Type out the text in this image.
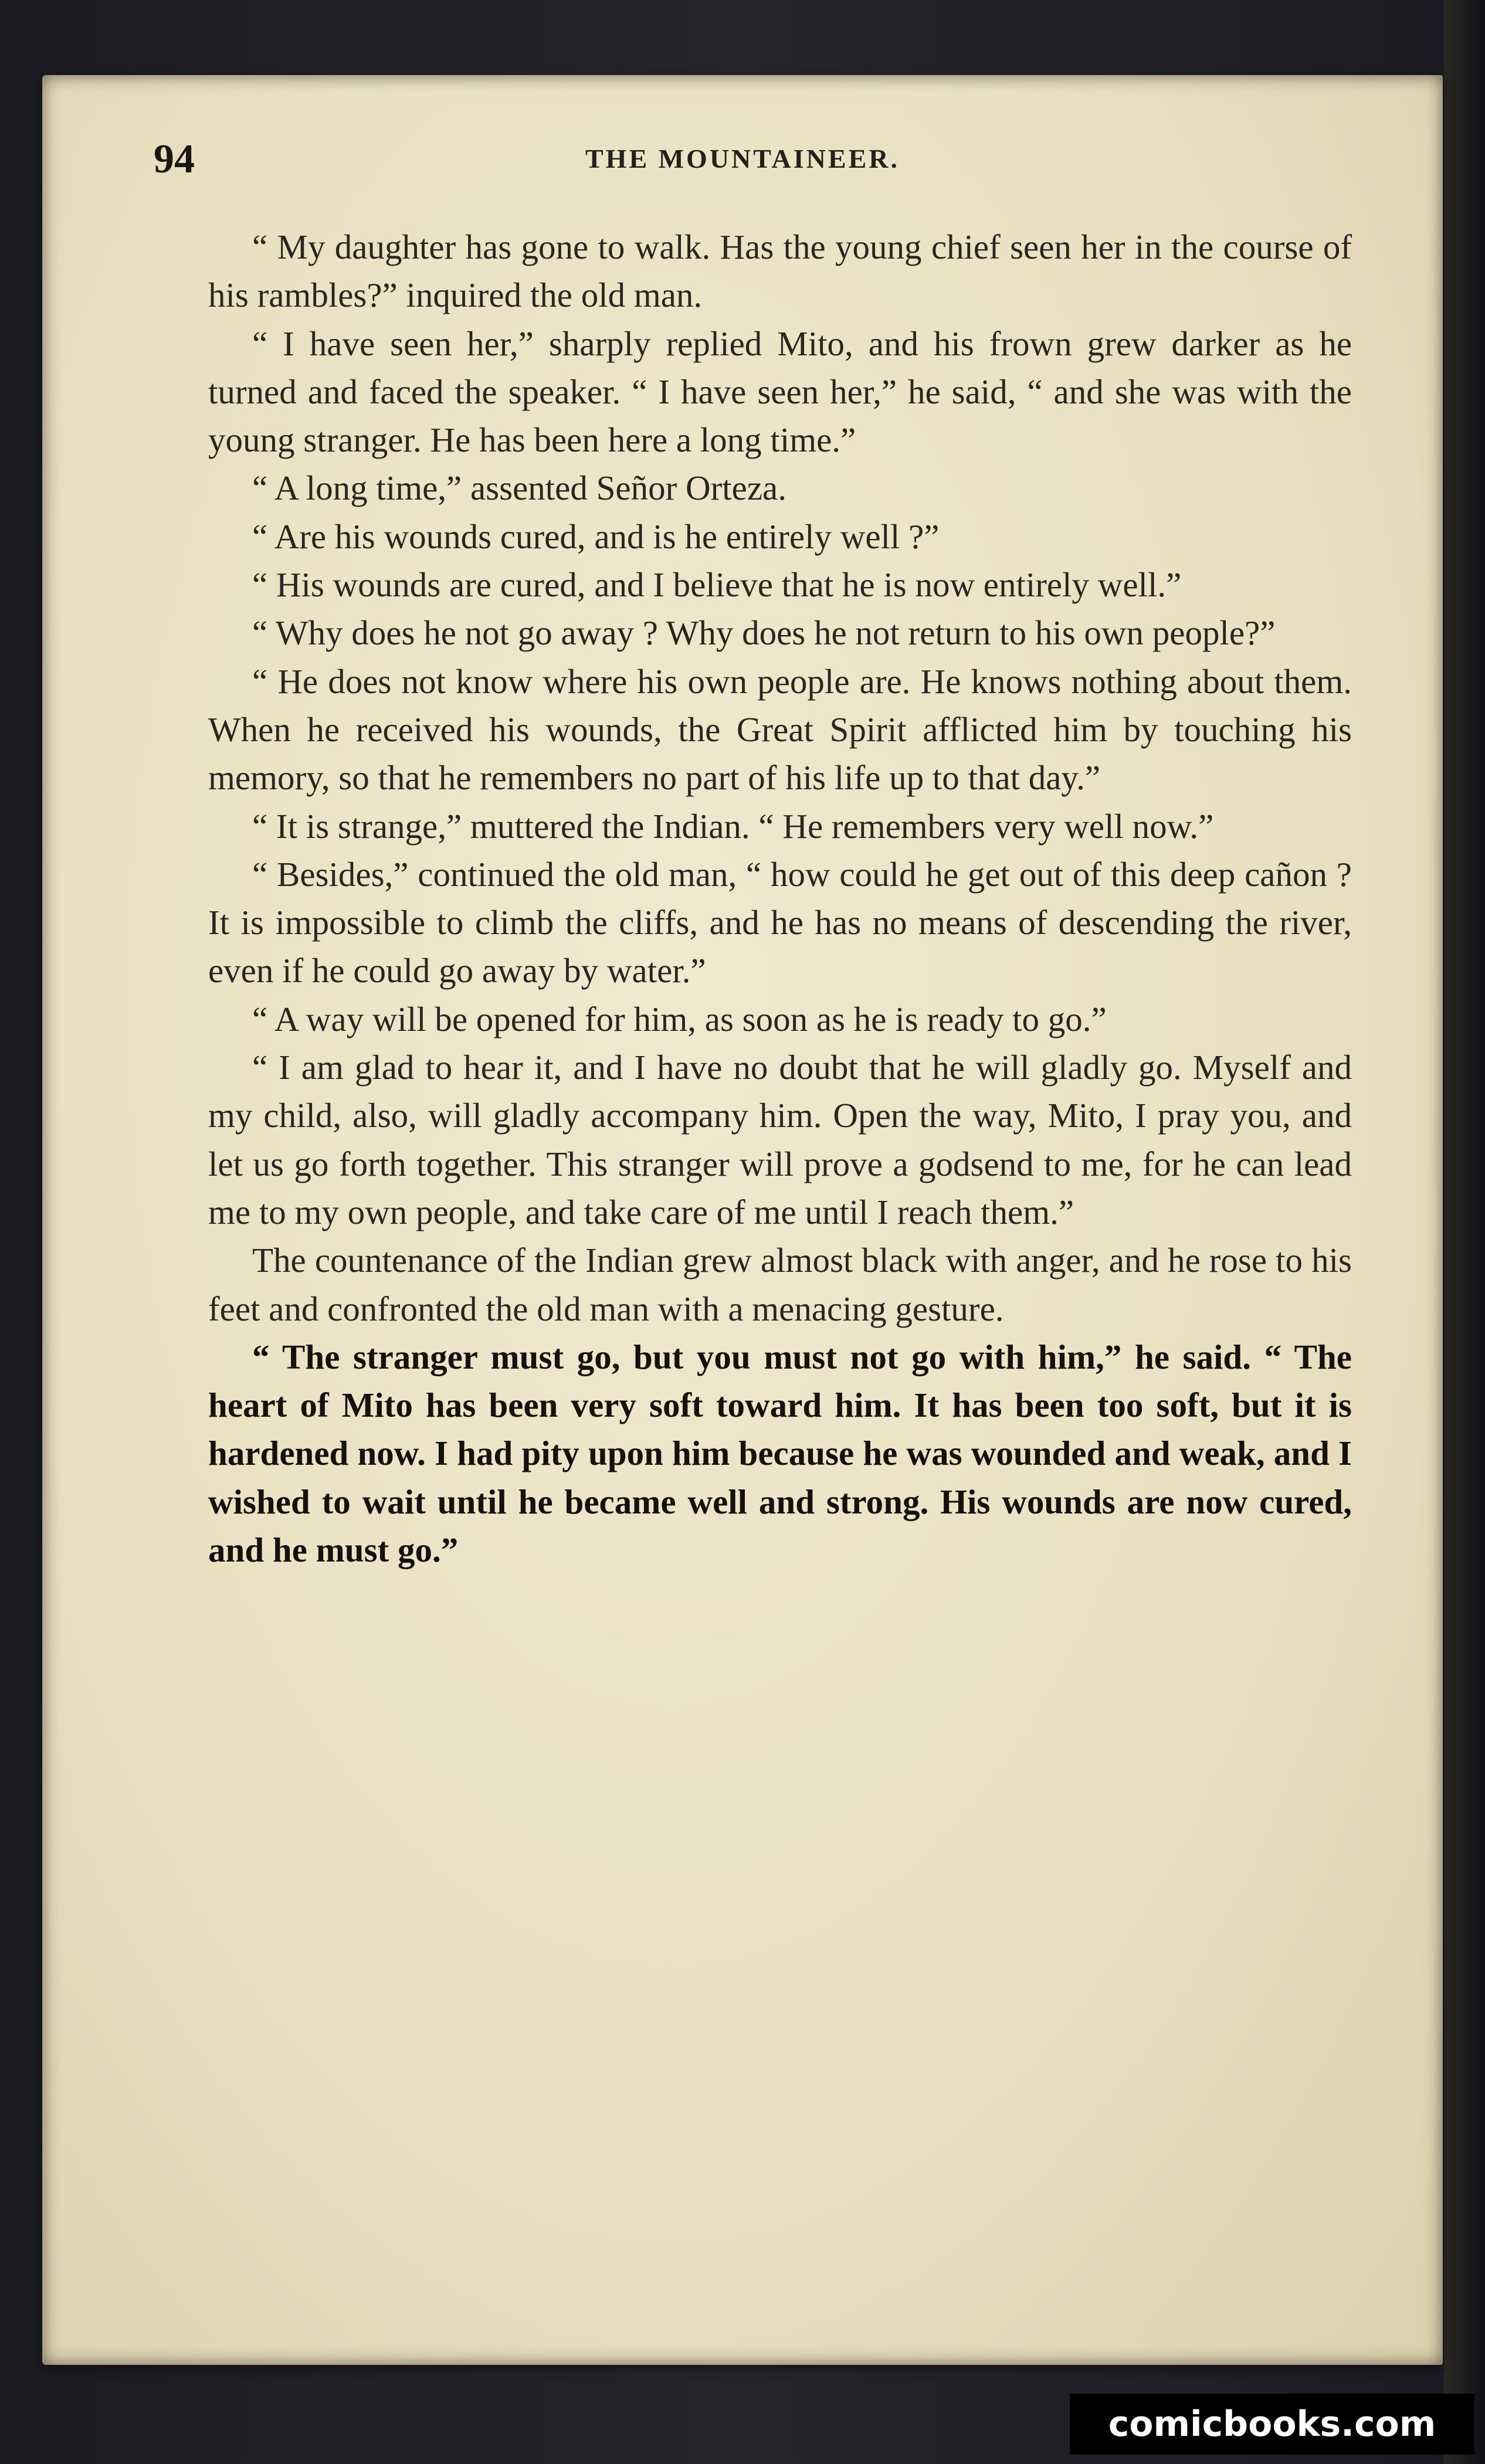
94	THE MOUNTAINEER.

“ My daughter has gone to walk. Has the young chief seen her in the course of his rambles?” inquired the old man.

“ I have seen her,” sharply replied Mito, and his frown grew darker as he turned and faced the speaker. “ I have seen her,” he said, “ and she was with the young stranger. He has been here a long time.”

“ A long time,” assented Señor Orteza.

“ Are his wounds cured, and is he entirely well ?”

“ His wounds are cured, and I believe that he is now entirely well.”

“ Why does he not go away ? Why does he not return to his own people?”

“ He does not know where his own people are. He knows nothing about them. When he received his wounds, the Great Spirit afflicted him by touching his memory, so that he remembers no part of his life up to that day.”

“ It is strange,” muttered the Indian. “ He remembers very well now.”

“ Besides,” continued the old man, “ how could he get out of this deep cañon ? It is impossible to climb the cliffs, and he has no means of descending the river, even if he could go away by water.”

“ A way will be opened for him, as soon as he is ready to go.”

“ I am glad to hear it, and I have no doubt that he will gladly go. Myself and my child, also, will gladly accompany him. Open the way, Mito, I pray you, and let us go forth together. This stranger will prove a godsend to me, for he can lead me to my own people, and take care of me until I reach them.”

The countenance of the Indian grew almost black with anger, and he rose to his feet and confronted the old man with a menacing gesture.

“ The stranger must go, but you must not go with him,” he said. “ The heart of Mito has been very soft toward him. It has been too soft, but it is hardened now. I had pity upon him because he was wounded and weak, and I wished to wait until he became well and strong. His wounds are now cured, and he must go.”

comicbooks.com
